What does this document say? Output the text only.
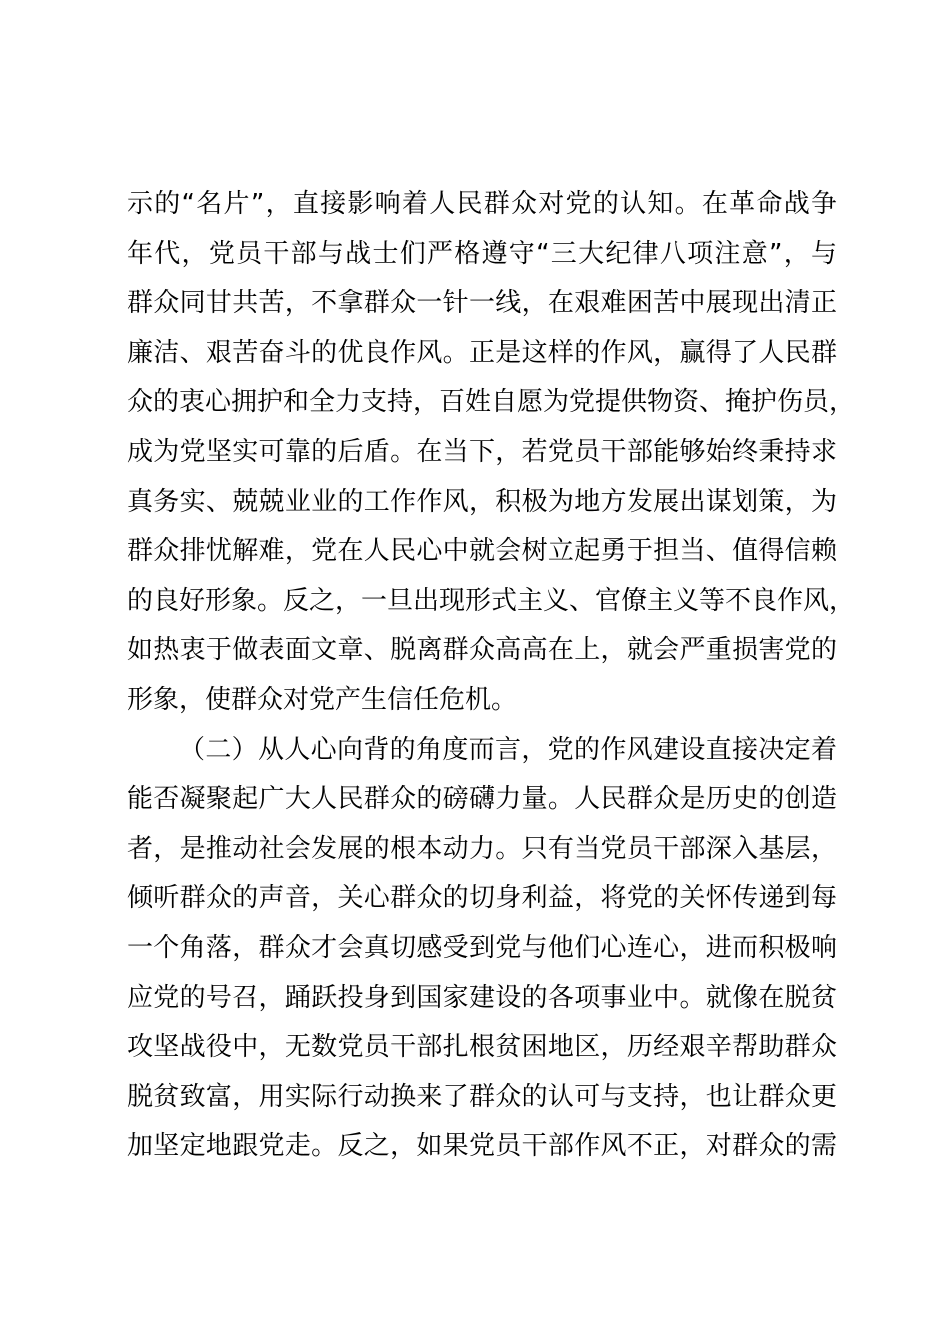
示的“名片”，直接影响着人民群众对党的认知。在革命战争
年代，党员干部与战士们严格遵守“三大纪律八项注意”，与
群众同甘共苦，不拿群众一针一线，在艰难困苦中展现出清正
廉洁、艰苦奋斗的优良作风。正是这样的作风，赢得了人民群
众的衷心拥护和全力支持，百姓自愿为党提供物资、掩护伤员，
成为党坚实可靠的后盾。在当下，若党员干部能够始终秉持求
真务实、兢兢业业的工作作风，积极为地方发展出谋划策，为
群众排忧解难，党在人民心中就会树立起勇于担当、值得信赖
的良好形象。反之，一旦出现形式主义、官僚主义等不良作风，
如热衷于做表面文章、脱离群众高高在上，就会严重损害党的
形象，使群众对党产生信任危机。
（二）从人心向背的角度而言，党的作风建设直接决定着
能否凝聚起广大人民群众的磅礴力量。人民群众是历史的创造
者，是推动社会发展的根本动力。只有当党员干部深入基层，
倾听群众的声音，关心群众的切身利益，将党的关怀传递到每
一个角落，群众才会真切感受到党与他们心连心，进而积极响
应党的号召，踊跃投身到国家建设的各项事业中。就像在脱贫
攻坚战役中，无数党员干部扎根贫困地区，历经艰辛帮助群众
脱贫致富，用实际行动换来了群众的认可与支持，也让群众更
加坚定地跟党走。反之，如果党员干部作风不正，对群众的需
